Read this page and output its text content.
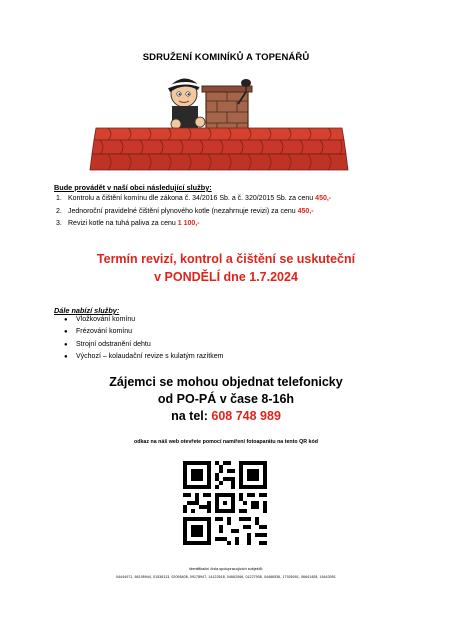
SDRUŽENÍ KOMINÍKŮ A TOPENÁŘŮ
Bude provádět v naší obci následující služby:
1. Kontrolu a čištění komínu dle zákona č. 34/2016 Sb. a č. 320/2015 Sb. za cenu 450,-
2. Jednoroční pravidelné čištění plynového kotle (nezahrnuje revizi) za cenu 450,-
3. Revizi kotle na tuhá paliva za cenu 1 100,-
Termín revizí, kontrol a čištění se uskuteční
v PONDĚLÍ dne 1.7.2024
Dále nabízí služby:
●	Vložkování komínu
●	Frézování komínu
●	Strojní odstranění dehtu
●	Výchozí – kolaudační revize s kulatým razítkem
Zájemci se mohou objednat telefonicky
od PO-PÁ v čase 8-16h
na tel: 608 748 989
odkaz na náš web otevřete pomocí namíření fotoaparátu na tento QR kód
Identifikační čísla spolupracujících subjektů:
04444971, 66195944, 01536113, 02095408, 09178947, 14122618, 04662066, 01227908, 04466536, 17926091, 06641408, 16443091
